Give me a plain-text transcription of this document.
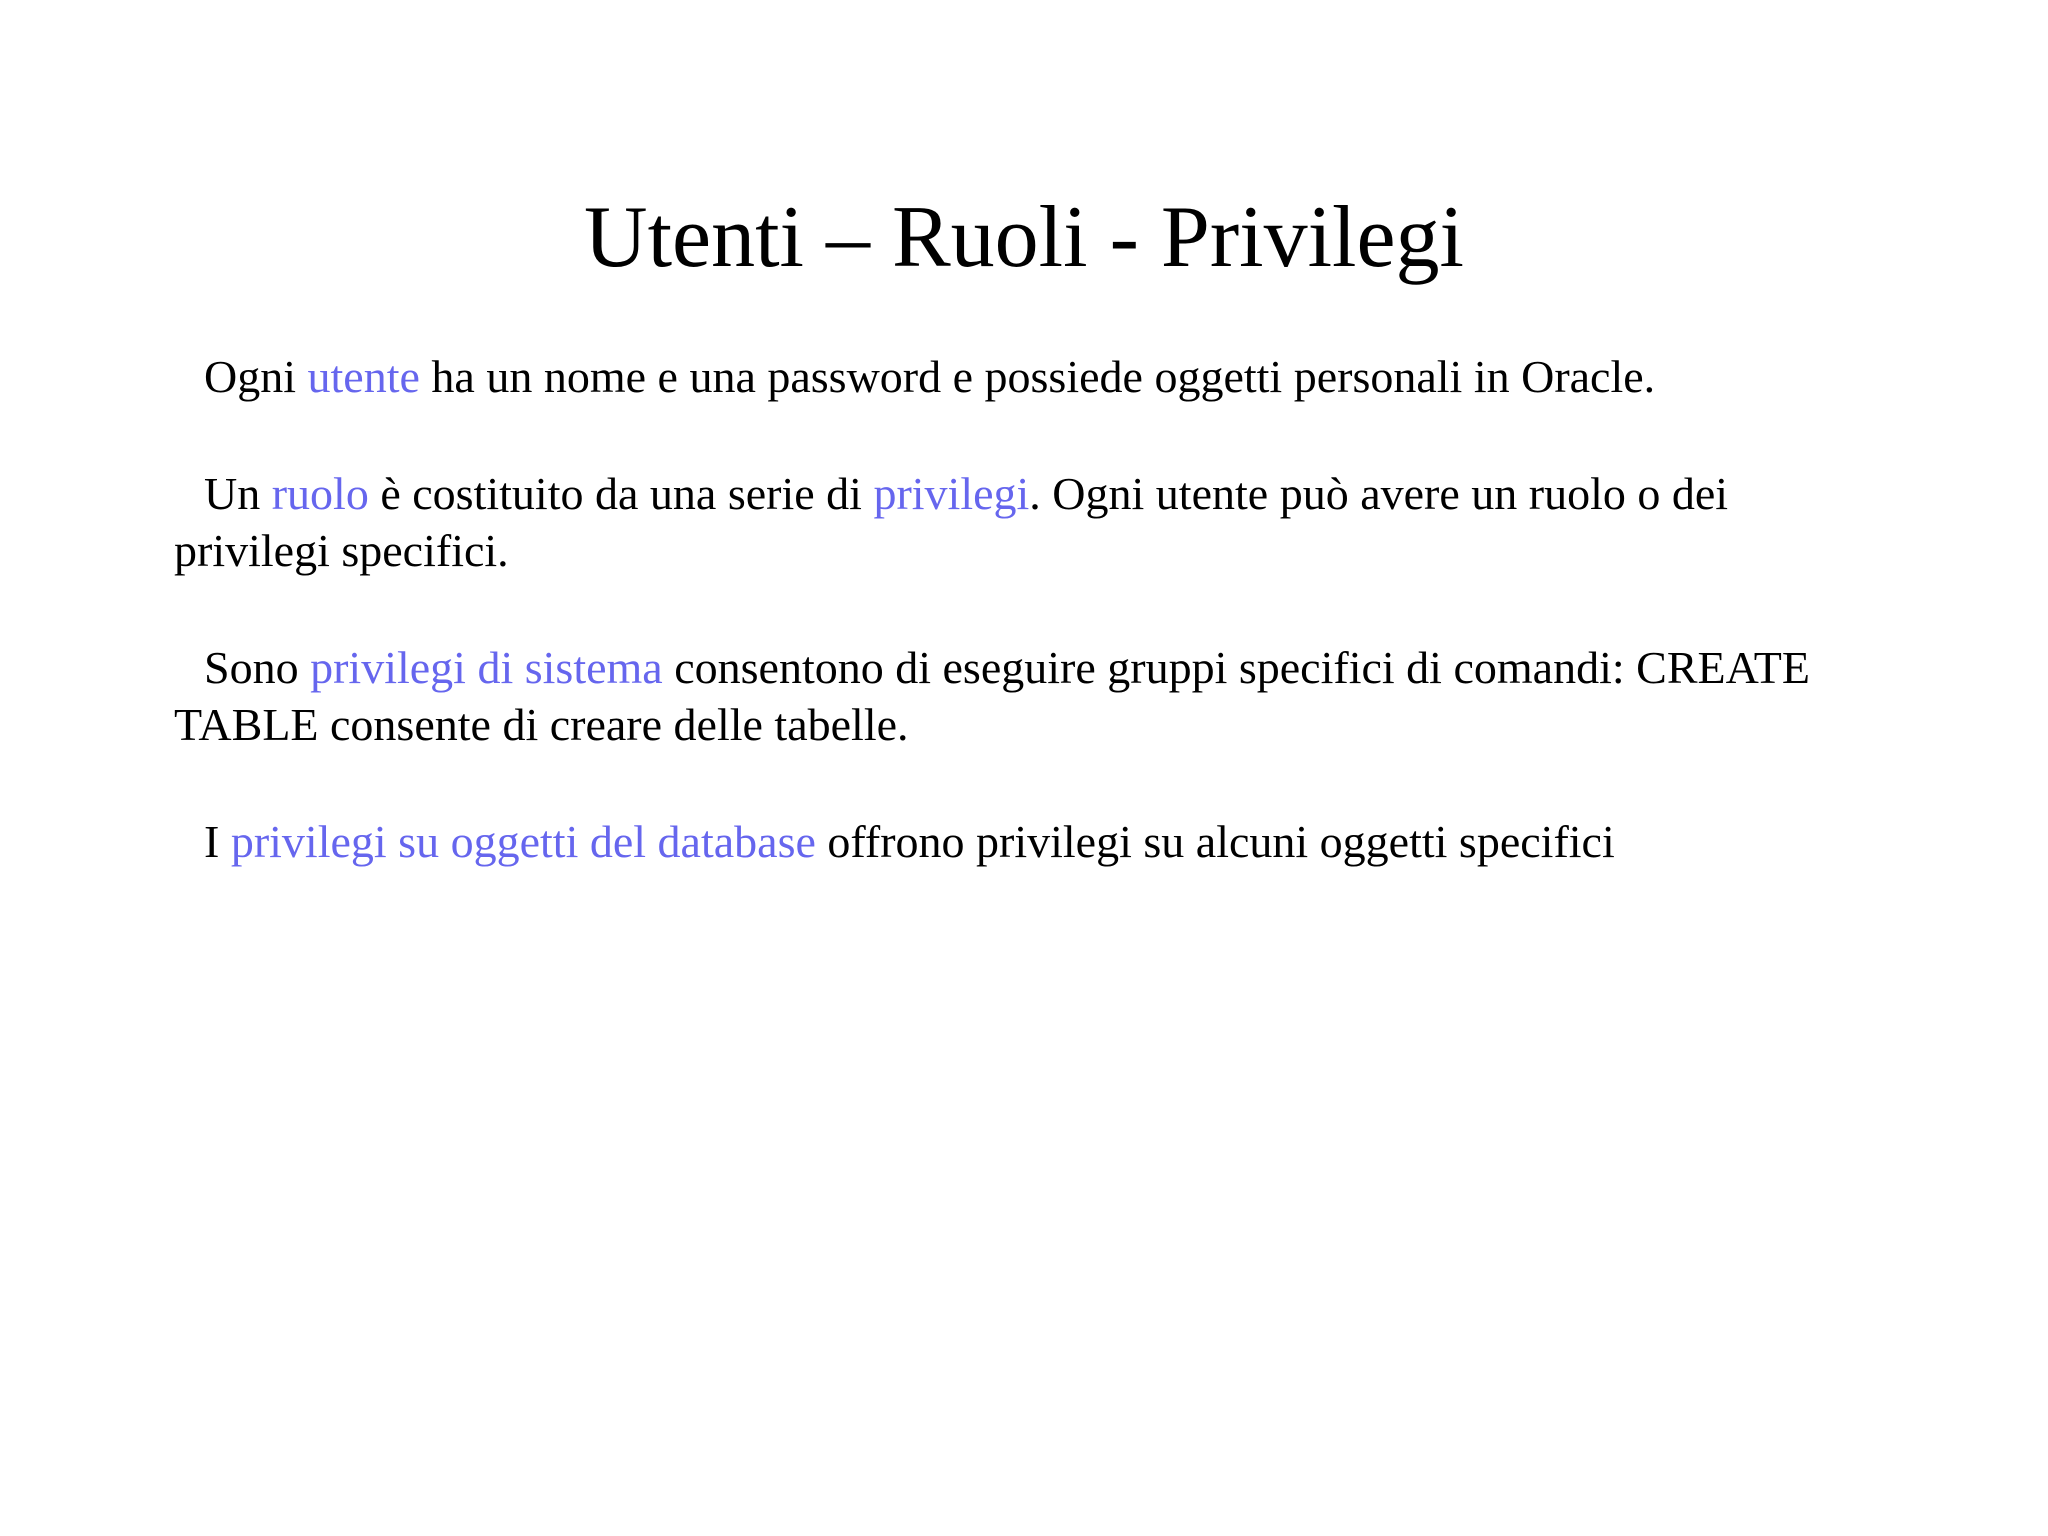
Utenti – Ruoli - Privilegi

Ogni utente ha un nome e una password e possiede oggetti personali in Oracle.

Un ruolo è costituito da una serie di privilegi. Ogni utente può avere un ruolo o dei privilegi specifici.

Sono privilegi di sistema consentono di eseguire gruppi specifici di comandi: CREATE TABLE consente di creare delle tabelle.

I privilegi su oggetti del database offrono privilegi su alcuni oggetti specifici
